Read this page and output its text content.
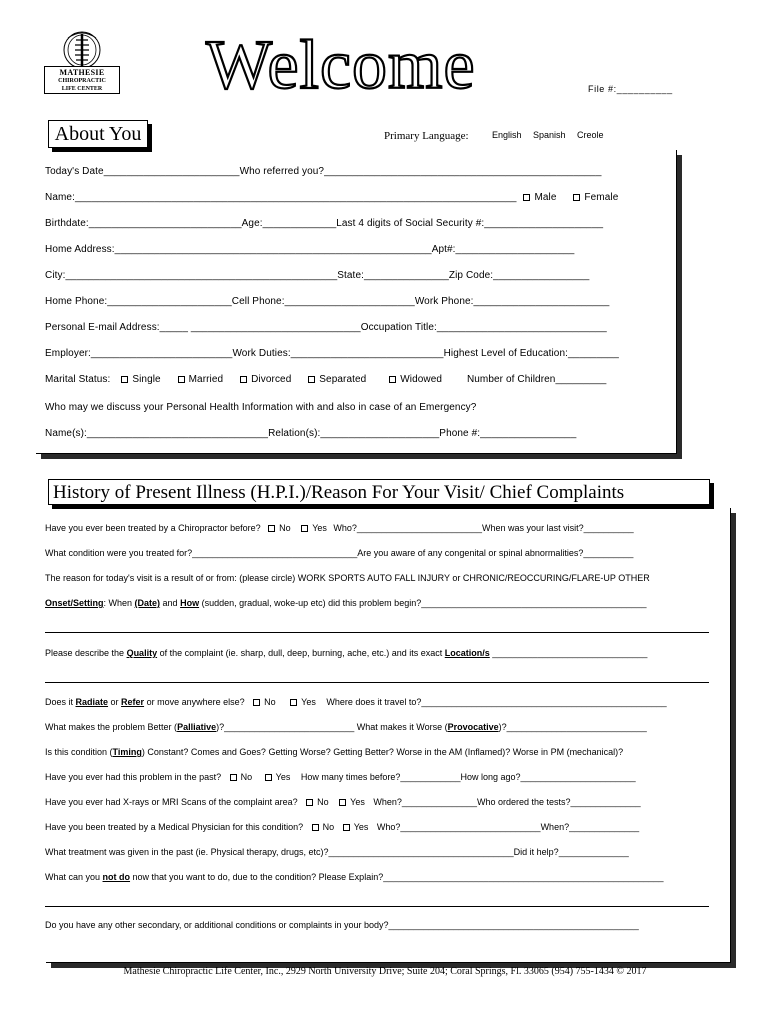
MATHESIE
CHIROPRACTIC
LIFE CENTER Welcome	File #:__________
About You	Primary Language:	English Spanish Creole
Today's Date________________________Who referred you?_________________________________________________
Name:______________________________________________________________________________ Male	Female
Birthdate:___________________________Age:_____________Last 4 digits of Social Security #:_____________________
Home Address:________________________________________________________Apt#:_____________________
City:________________________________________________State:_______________Zip Code:_________________
Home Phone:______________________Cell Phone:_______________________Work Phone:________________________
Personal E-mail Address:_____ ______________________________Occupation Title:______________________________
Employer:_________________________Work Duties:___________________________Highest Level of Education:_________
Marital Status: Single	Married	Divorced	Separated	Widowed Number of Children_________
Who may we discuss your Personal Health Information with and also in case of an Emergency?
Name(s):________________________________Relation(s):_____________________Phone #:_________________
History of Present Illness (H.P.I.)/Reason For Your Visit/ Chief Complaints
Have you ever been treated by a Chiropractor before? No Yes Who?_________________________When was your last visit?__________
What condition were you treated for?_________________________________Are you aware of any congenital or spinal abnormalities?__________
The reason for today's visit is a result of or from: (please circle) WORK SPORTS AUTO FALL INJURY or CHRONIC/REOCCURING/FLARE-UP OTHER
Onset/Setting: When (Date) and How (sudden, gradual, woke-up etc) did this problem begin?_____________________________________________
Please describe the Quality of the complaint (ie. sharp, dull, deep, burning, ache, etc.) and its exact Location/s _______________________________
Does it Radiate or Refer or move anywhere else? No	Yes Where does it travel to?_________________________________________________
What makes the problem Better (Palliative)?__________________________ What makes it Worse (Provocative)?____________________________
Is this condition (Timing) Constant? Comes and Goes? Getting Worse? Getting Better? Worse in the AM (Inflamed)? Worse in PM (mechanical)?
Have you ever had this problem in the past? No	Yes How many times before?____________How long ago?_______________________
Have you ever had X-rays or MRI Scans of the complaint area? No Yes When?_______________Who ordered the tests?______________
Have you been treated by a Medical Physician for this condition? No Yes Who?____________________________When?______________
What treatment was given in the past (ie. Physical therapy, drugs, etc)?_____________________________________Did it help?______________
What can you not do now that you want to do, due to the condition? Please Explain?________________________________________________________
Do you have any other secondary, or additional conditions or complaints in your body?__________________________________________________
Mathesie Chiropractic Life Center, Inc., 2929 North University Drive; Suite 204; Coral Springs, Fl. 33065 (954) 755-1434 © 2017
